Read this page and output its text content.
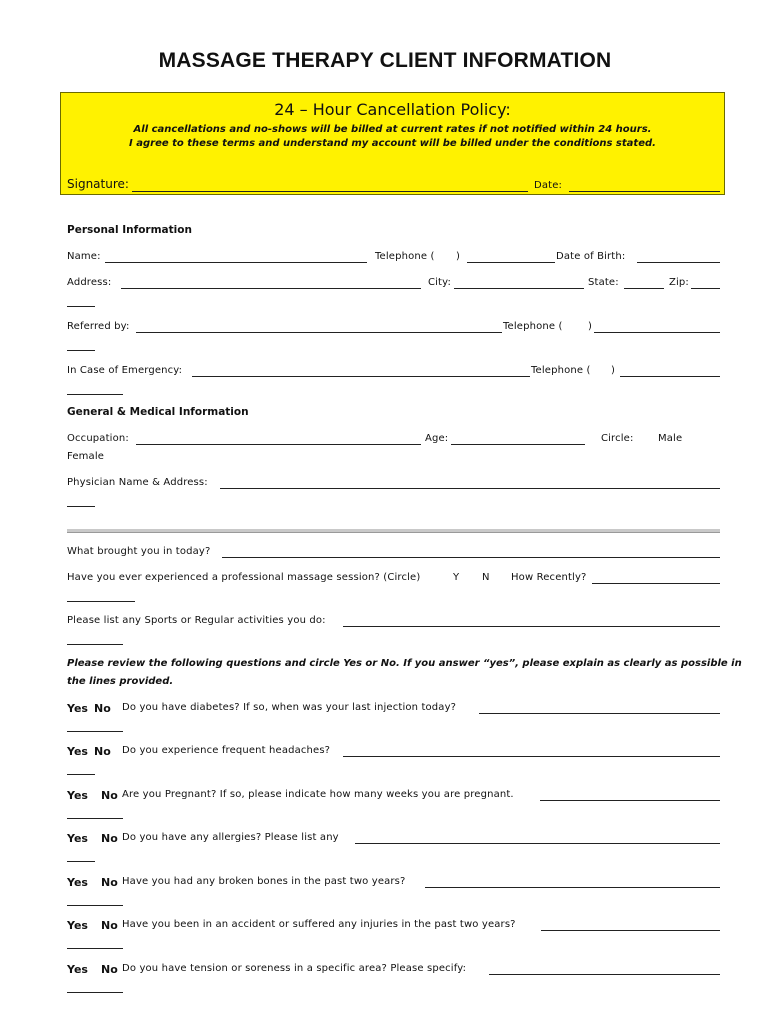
MASSAGE THERAPY CLIENT INFORMATION
24 – Hour Cancellation Policy:
All cancellations and no-shows will be billed at current rates if not notified within 24 hours.
I agree to these terms and understand my account will be billed under the conditions stated.
Signature:	Date:
Personal Information
Name:	Telephone ( )	Date of Birth:
Address:	City:	State:	Zip:
Referred by:	Telephone (	)
In Case of Emergency:	Telephone ( )
General & Medical Information
Occupation:	Age:	Circle: Male
Female
Physician Name & Address:
What brought you in today?
Have you ever experienced a professional massage session? (Circle)	Y N How Recently?
Please list any Sports or Regular activities you do:
Please review the following questions and circle Yes or No. If you answer “yes”, please explain as clearly as possible in
the lines provided.
Yes No Do you have diabetes? If so, when was your last injection today?
Yes No Do you experience frequent headaches?
Yes No Are you Pregnant? If so, please indicate how many weeks you are pregnant.
Yes No Do you have any allergies? Please list any
Yes No Have you had any broken bones in the past two years?
Yes No Have you been in an accident or suffered any injuries in the past two years?
Yes No Do you have tension or soreness in a specific area? Please specify:
